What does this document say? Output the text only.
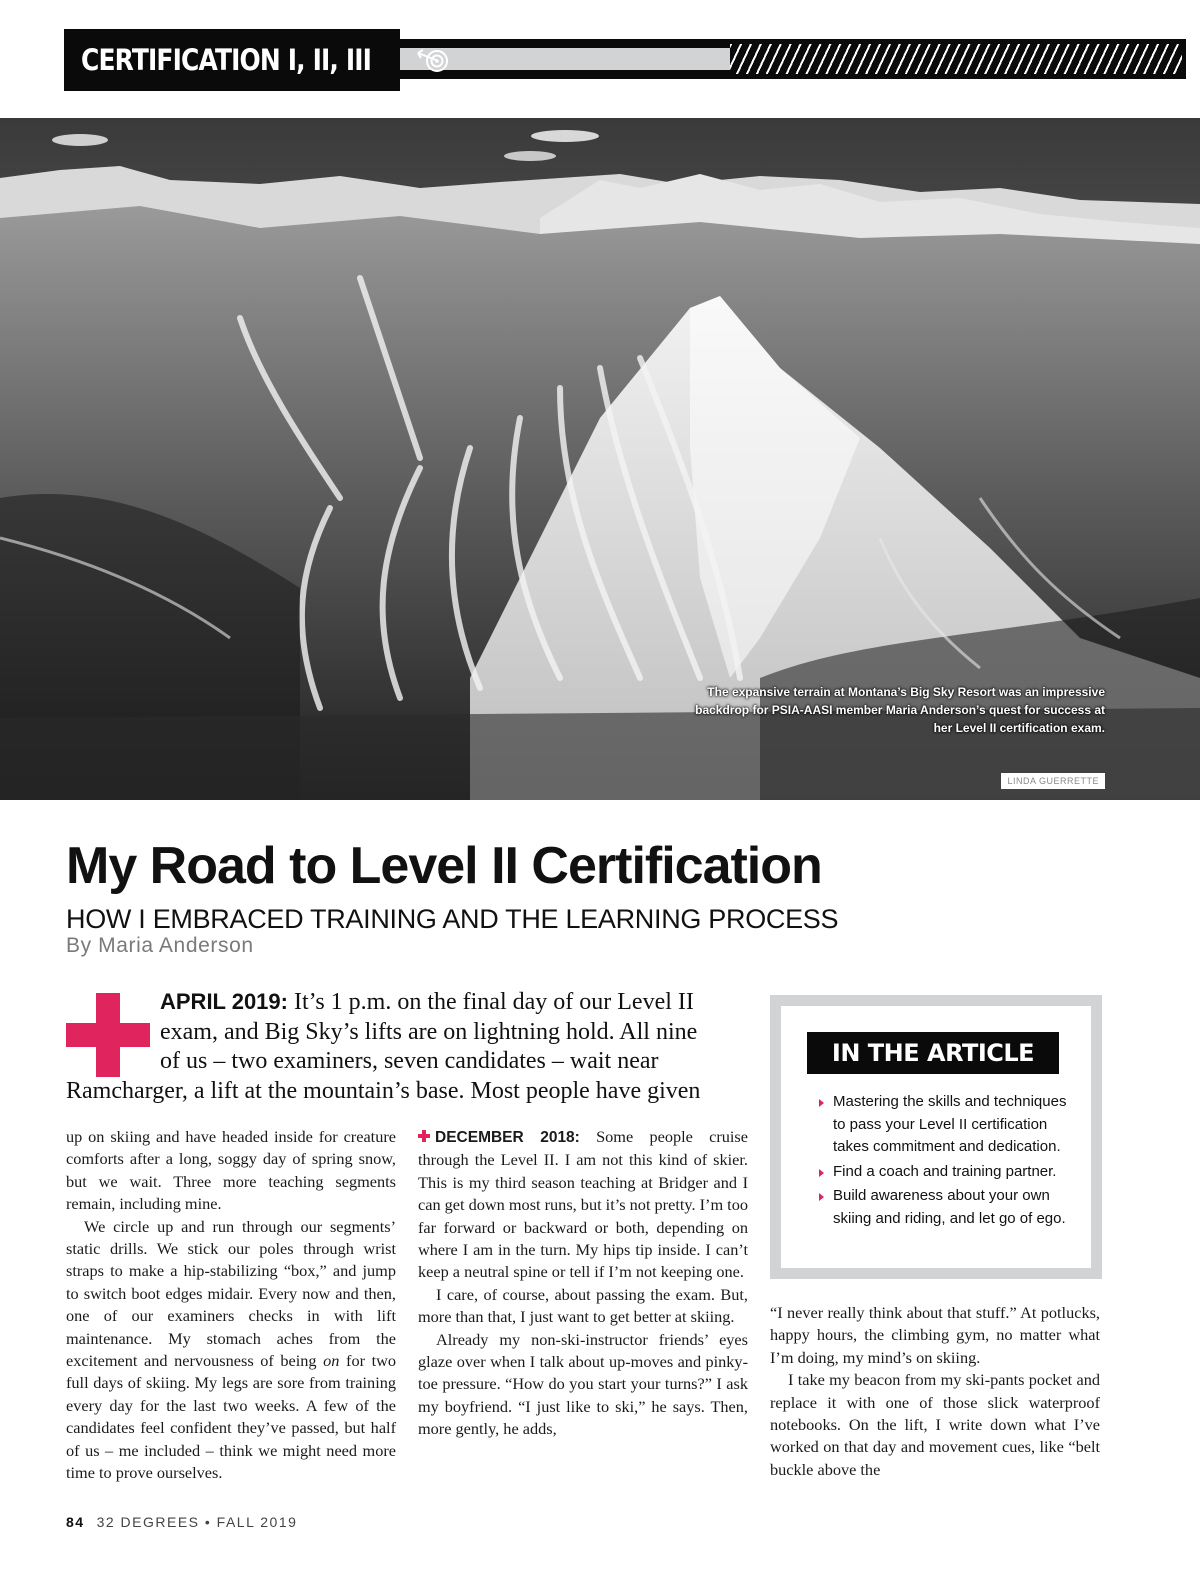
CERTIFICATION I, II, III
The expansive terrain at Montana’s Big Sky Resort was an impressive backdrop for PSIA-AASI member Maria Anderson’s quest for success at her Level II certification exam.
LINDA GUERRETTE
My Road to Level II Certification
HOW I EMBRACED TRAINING AND THE LEARNING PROCESS
By Maria Anderson
APRIL 2019: It’s 1 p.m. on the final day of our Level II
exam, and Big Sky’s lifts are on lightning hold. All nine
of us – two examiners, seven candidates – wait near
Ramcharger, a lift at the mountain’s base. Most people have given

up on skiing and have headed inside for creature comforts after a long, soggy day of spring snow, but we wait. Three more teaching segments remain, including mine.

We circle up and run through our segments’ static drills. We stick our poles through wrist straps to make a hip-stabilizing “box,” and jump to switch boot edges midair. Every now and then, one of our examiners checks in with lift maintenance. My stomach aches from the excitement and nervousness of being on for two full days of skiing. My legs are sore from training every day for the last two weeks. A few of the candidates feel confident they’ve passed, but half of us – me included – think we might need more time to prove ourselves.

DECEMBER 2018: Some people cruise through the Level II. I am not this kind of skier. This is my third season teaching at Bridger and I can get down most runs, but it’s not pretty. I’m too far forward or backward or both, depending on where I am in the turn. My hips tip inside. I can’t keep a neutral spine or tell if I’m not keeping one.

I care, of course, about passing the exam. But, more than that, I just want to get better at skiing.

Already my non-ski-instructor friends’ eyes glaze over when I talk about up-moves and pinky-toe pressure. “How do you start your turns?” I ask my boyfriend. “I just like to ski,” he says. Then, more gently, he adds,

IN THE ARTICLE
Mastering the skills and techniques to pass your Level II certification takes commitment and dedication.
Find a coach and training partner.
Build awareness about your own skiing and riding, and let go of ego.

“I never really think about that stuff.” At potlucks, happy hours, the climbing gym, no matter what I’m doing, my mind’s on skiing.

I take my beacon from my ski-pants pocket and replace it with one of those slick waterproof notebooks. On the lift, I write down what I’ve worked on that day and movement cues, like “belt buckle above the

84 32 DEGREES • FALL 2019
